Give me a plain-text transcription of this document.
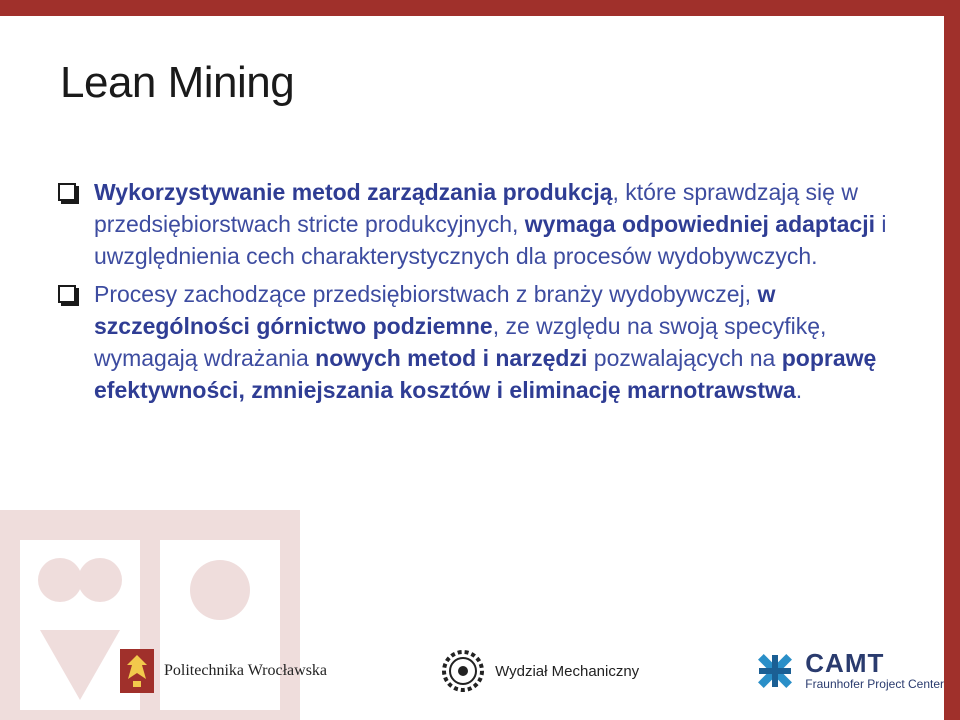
Lean Mining
Wykorzystywanie metod zarządzania produkcją, które sprawdzają się w przedsiębiorstwach stricte produkcyjnych, wymaga odpowiedniej adaptacji i uwzględnienia cech charakterystycznych dla procesów wydobywczych.
Procesy zachodzące przedsiębiorstwach z branży wydobywczej, w szczególności górnictwo podziemne, ze względu na swoją specyfikę, wymagają wdrażania nowych metod i narzędzi pozwalających na poprawę efektywności, zmniejszania kosztów i eliminację marnotrawstwa.
Politechnika Wrocławska	Wydział Mechaniczny	CAMT
Fraunhofer Project Center
